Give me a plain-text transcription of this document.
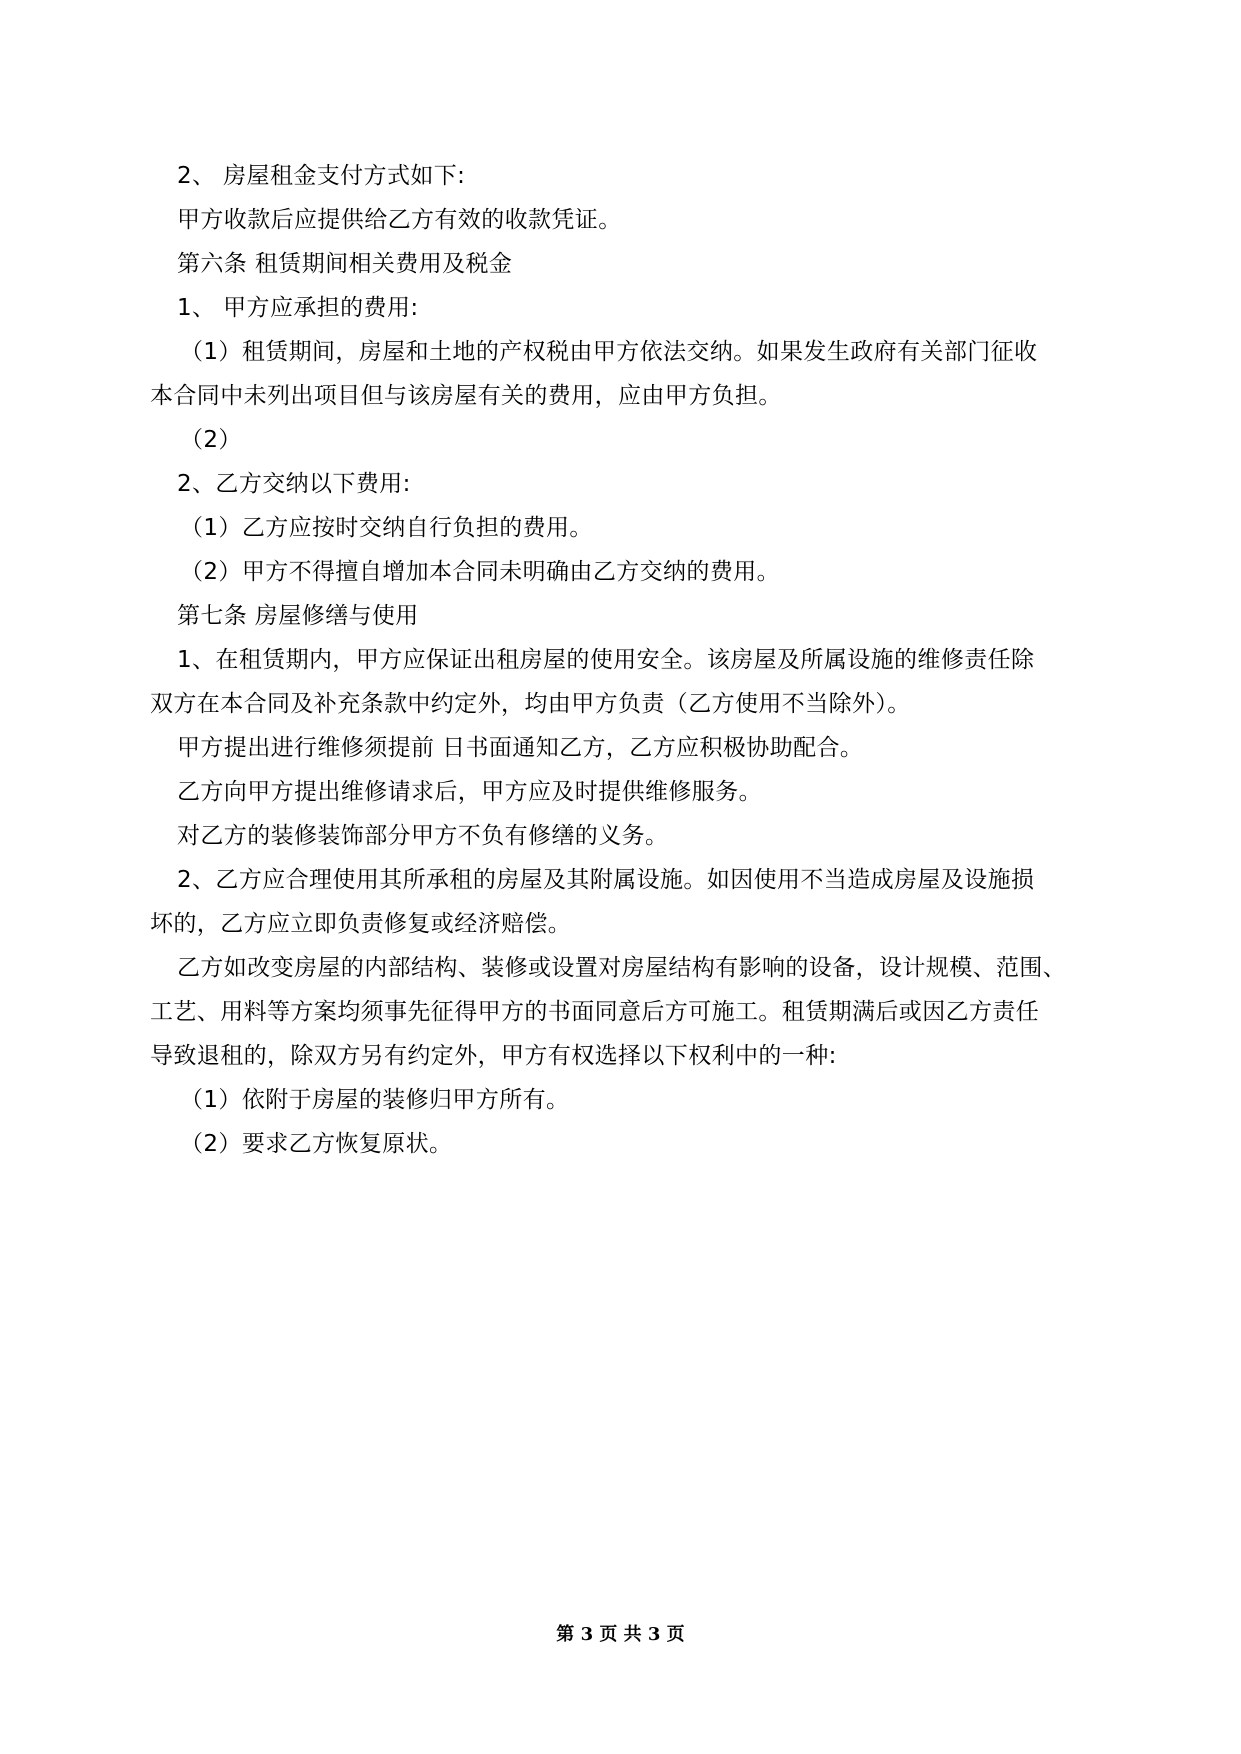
2、 房屋租金支付方式如下:
甲方收款后应提供给乙方有效的收款凭证。
第六条 租赁期间相关费用及税金
1、 甲方应承担的费用:
（1）租赁期间，房屋和土地的产权税由甲方依法交纳。如果发生政府有关部门征收
本合同中未列出项目但与该房屋有关的费用，应由甲方负担。
（2）
2、乙方交纳以下费用:
（1）乙方应按时交纳自行负担的费用。
（2）甲方不得擅自增加本合同未明确由乙方交纳的费用。
第七条 房屋修缮与使用
1、在租赁期内，甲方应保证出租房屋的使用安全。该房屋及所属设施的维修责任除
双方在本合同及补充条款中约定外，均由甲方负责（乙方使用不当除外）。
甲方提出进行维修须提前 日书面通知乙方，乙方应积极协助配合。
乙方向甲方提出维修请求后，甲方应及时提供维修服务。
对乙方的装修装饰部分甲方不负有修缮的义务。
2、乙方应合理使用其所承租的房屋及其附属设施。如因使用不当造成房屋及设施损
坏的，乙方应立即负责修复或经济赔偿。
乙方如改变房屋的内部结构、装修或设置对房屋结构有影响的设备，设计规模、范围、
工艺、用料等方案均须事先征得甲方的书面同意后方可施工。租赁期满后或因乙方责任
导致退租的，除双方另有约定外，甲方有权选择以下权利中的一种:
（1）依附于房屋的装修归甲方所有。
（2）要求乙方恢复原状。
第 3 页 共 3 页
